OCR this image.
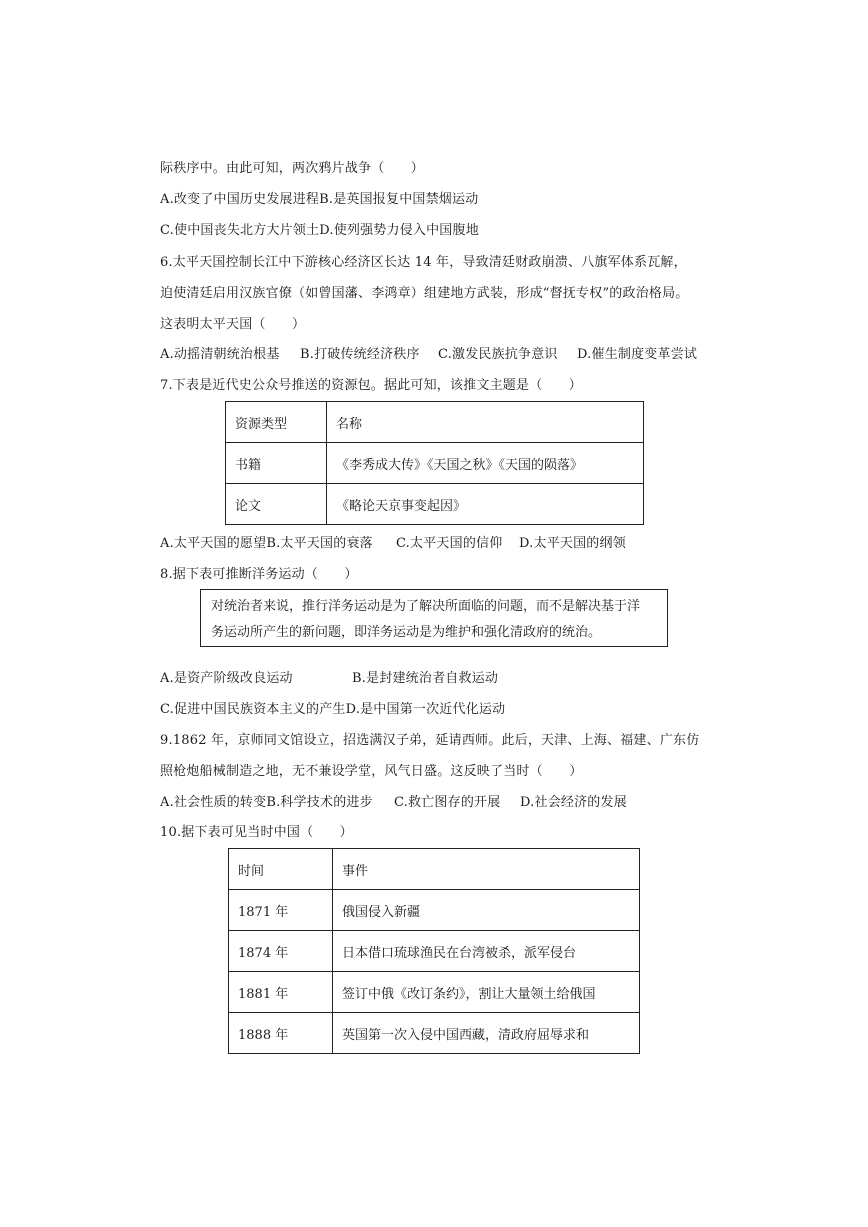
际秩序中。由此可知，两次鸦片战争（　　）
A.改变了中国历史发展进程B.是英国报复中国禁烟运动
C.使中国丧失北方大片领土D.使列强势力侵入中国腹地
6.太平天国控制长江中下游核心经济区长达 14 年，导致清廷财政崩溃、八旗军体系瓦解，
迫使清廷启用汉族官僚（如曾国藩、李鸿章）组建地方武装，形成“督抚专权”的政治格局。
这表明太平天国（　　）
A.动摇清朝统治根基 B.打破传统经济秩序 C.激发民族抗争意识 D.催生制度变革尝试
7.下表是近代史公众号推送的资源包。据此可知，该推文主题是（　　）
资源类型	名称
书籍	《李秀成大传》《天国之秋》《天国的陨落》
论文	《略论天京事变起因》
A.太平天国的愿望B.太平天国的衰落 C.太平天国的信仰 D.太平天国的纲领
8.据下表可推断洋务运动（　　）
对统治者来说，推行洋务运动是为了解决所面临的问题，而不是解决基于洋
务运动所产生的新问题，即洋务运动是为维护和强化清政府的统治。
A.是资产阶级改良运动	B.是封建统治者自救运动
C.促进中国民族资本主义的产生D.是中国第一次近代化运动
9.1862 年，京师同文馆设立，招选满汉子弟，延请西师。此后，天津、上海、福建、广东仿
照枪炮船械制造之地，无不兼设学堂，风气日盛。这反映了当时（　　）
A.社会性质的转变B.科学技术的进步 C.救亡图存的开展 D.社会经济的发展
10.据下表可见当时中国（　　）
时间	事件
1871 年	俄国侵入新疆
1874 年	日本借口琉球渔民在台湾被杀，派军侵台
1881 年	签订中俄《改订条约》，割让大量领土给俄国
1888 年	英国第一次入侵中国西藏，清政府屈辱求和
